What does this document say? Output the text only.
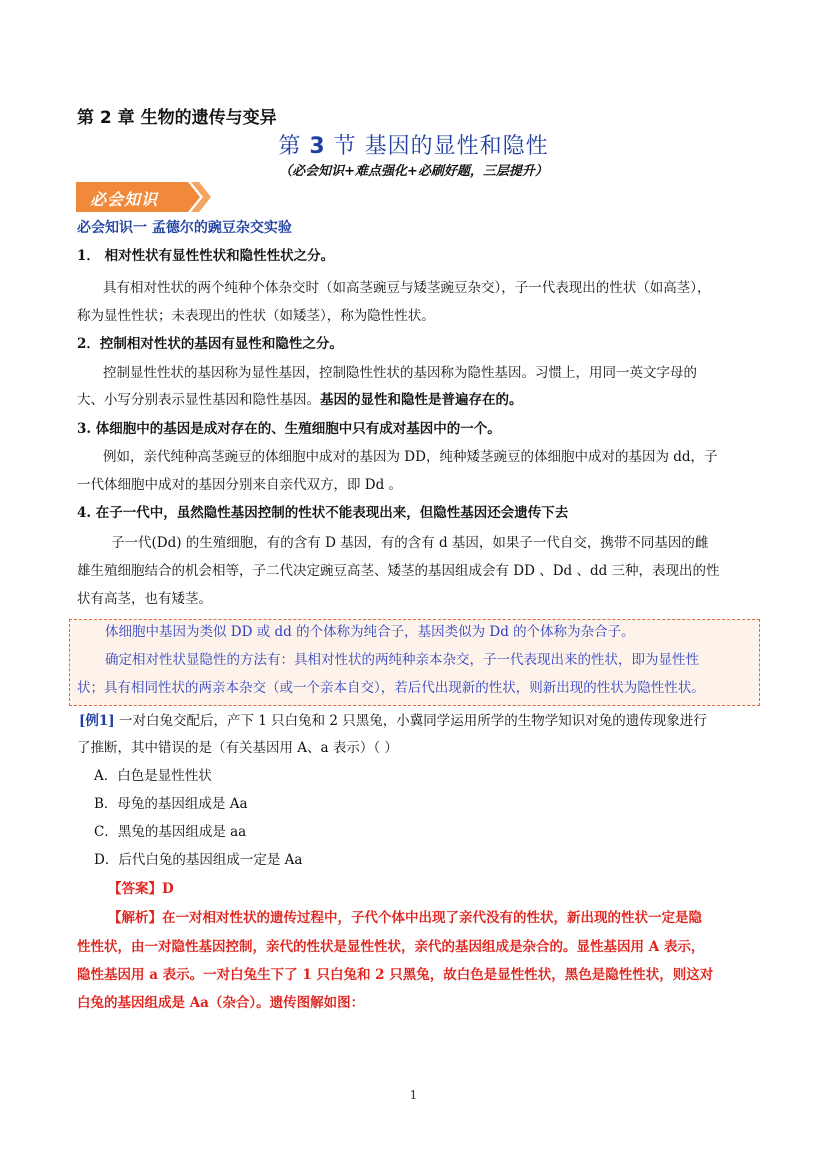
第 2 章 生物的遗传与变异
第 3 节 基因的显性和隐性
（必会知识+难点强化+必刷好题，三层提升）
必会知识
必会知识一 孟德尔的豌豆杂交实验
1． 相对性状有显性性状和隐性性状之分。
具有相对性状的两个纯种个体杂交时（如高茎豌豆与矮茎豌豆杂交），子一代表现出的性状（如高茎），
称为显性性状；未表现出的性状（如矮茎），称为隐性性状。
2．控制相对性状的基因有显性和隐性之分。
控制显性性状的基因称为显性基因，控制隐性性状的基因称为隐性基因。习惯上，用同一英文字母的
大、小写分别表示显性基因和隐性基因。基因的显性和隐性是普遍存在的。
3. 体细胞中的基因是成对存在的、生殖细胞中只有成对基因中的一个。
例如，亲代纯种高茎豌豆的体细胞中成对的基因为 DD，纯种矮茎豌豆的体细胞中成对的基因为 dd，子
一代体细胞中成对的基因分别来自亲代双方，即 Dd 。
4. 在子一代中，虽然隐性基因控制的性状不能表现出来，但隐性基因还会遗传下去
子一代(Dd) 的生殖细胞，有的含有 D 基因，有的含有 d 基因，如果子一代自交，携带不同基因的雌
雄生殖细胞结合的机会相等，子二代决定豌豆高茎、矮茎的基因组成会有 DD 、Dd 、dd 三种，表现出的性
状有高茎，也有矮茎。
体细胞中基因为类似 DD 或 dd 的个体称为纯合子，基因类似为 Dd 的个体称为杂合子。
确定相对性状显隐性的方法有：具相对性状的两纯种亲本杂交，子一代表现出来的性状，即为显性性
状；具有相同性状的两亲本杂交（或一个亲本自交），若后代出现新的性状，则新出现的性状为隐性性状。
[例1] 一对白兔交配后，产下 1 只白兔和 2 只黑兔，小冀同学运用所学的生物学知识对兔的遗传现象进行
了推断，其中错误的是（有关基因用 A、a 表示）（ ）
A．白色是显性性状
B．母兔的基因组成是 Aa
C．黑兔的基因组成是 aa
D．后代白兔的基因组成一定是 Aa
【答案】D
【解析】在一对相对性状的遗传过程中，子代个体中出现了亲代没有的性状，新出现的性状一定是隐
性性状，由一对隐性基因控制，亲代的性状是显性性状，亲代的基因组成是杂合的。显性基因用 A 表示，
隐性基因用 a 表示。一对白兔生下了 1 只白兔和 2 只黑兔，故白色是显性性状，黑色是隐性性状，则这对
白兔的基因组成是 Aa（杂合）。遗传图解如图：
1
